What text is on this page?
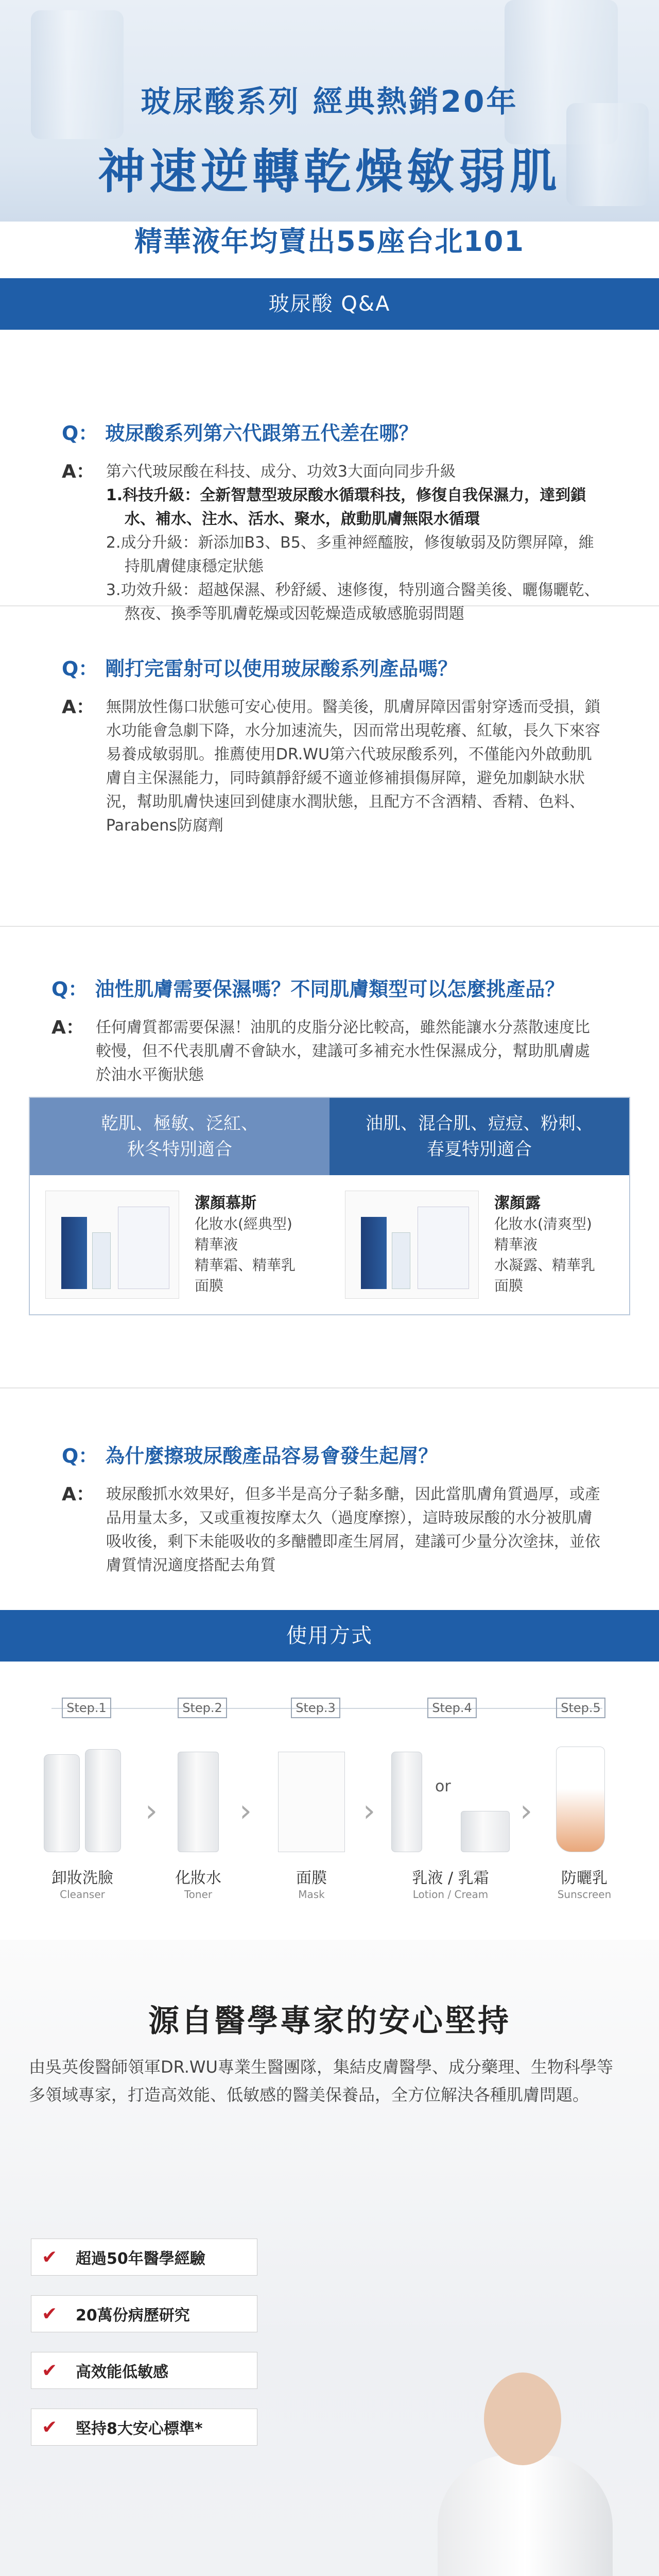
玻尿酸系列 經典熱銷20年
神速逆轉乾燥敏弱肌
精華液年均賣出55座台北101
玻尿酸 Q&A
Q： 玻尿酸系列第六代跟第五代差在哪？
A： 第六代玻尿酸在科技、成分、功效3大面向同步升級
1.科技升級：全新智慧型玻尿酸水循環科技，修復自我保濕力，達到鎖水、補水、注水、活水、聚水，啟動肌膚無限水循環
2.成分升級：新添加B3、B5、多重神經醯胺，修復敏弱及防禦屏障，維持肌膚健康穩定狀態
3.功效升級：超越保濕、秒舒緩、速修復，特別適合醫美後、曬傷曬乾、熬夜、換季等肌膚乾燥或因乾燥造成敏感脆弱問題
Q： 剛打完雷射可以使用玻尿酸系列產品嗎？
A： 無開放性傷口狀態可安心使用。醫美後，肌膚屏障因雷射穿透而受損，鎖水功能會急劇下降，水分加速流失，因而常出現乾癢、紅敏，長久下來容易養成敏弱肌。推薦使用DR.WU第六代玻尿酸系列，不僅能內外啟動肌膚自主保濕能力，同時鎮靜舒緩不適並修補損傷屏障，避免加劇缺水狀況，幫助肌膚快速回到健康水潤狀態，且配方不含酒精、香精、色料、Parabens防腐劑
Q： 油性肌膚需要保濕嗎？不同肌膚類型可以怎麼挑產品？
A： 任何膚質都需要保濕！油肌的皮脂分泌比較高，雖然能讓水分蒸散速度比較慢，但不代表肌膚不會缺水，建議可多補充水性保濕成分，幫助肌膚處於油水平衡狀態
乾肌、極敏、泛紅、
秋冬特別適合
潔顏慕斯
化妝水(經典型)
精華液
精華霜、精華乳
面膜
油肌、混合肌、痘痘、粉刺、
春夏特別適合
潔顏露
化妝水(清爽型)
精華液
水凝露、精華乳
面膜
Q： 為什麼擦玻尿酸產品容易會發生起屑？
A： 玻尿酸抓水效果好，但多半是高分子黏多醣，因此當肌膚角質過厚，或產品用量太多，又或重複按摩太久（過度摩擦），這時玻尿酸的水分被肌膚吸收後，剩下未能吸收的多醣體即產生屑屑，建議可少量分次塗抹，並依膚質情況適度搭配去角質
使用方式
Step.1	Step.2	Step.3	Step.4	Step.5
›	›	›
or
›
卸妝洗臉
Cleanser
化妝水
Toner
面膜
Mask
乳液 / 乳霜
Lotion / Cream
防曬乳
Sunscreen
源自醫學專家的安心堅持
由吳英俊醫師領軍DR.WU專業生醫團隊，集結皮膚醫學、成分藥理、生物科學等多領域專家，打造高效能、低敏感的醫美保養品，全方位解決各種肌膚問題。
✔	超過50年醫學經驗
✔	20萬份病歷研究
✔	高效能低敏感
✔	堅持8大安心標準*
